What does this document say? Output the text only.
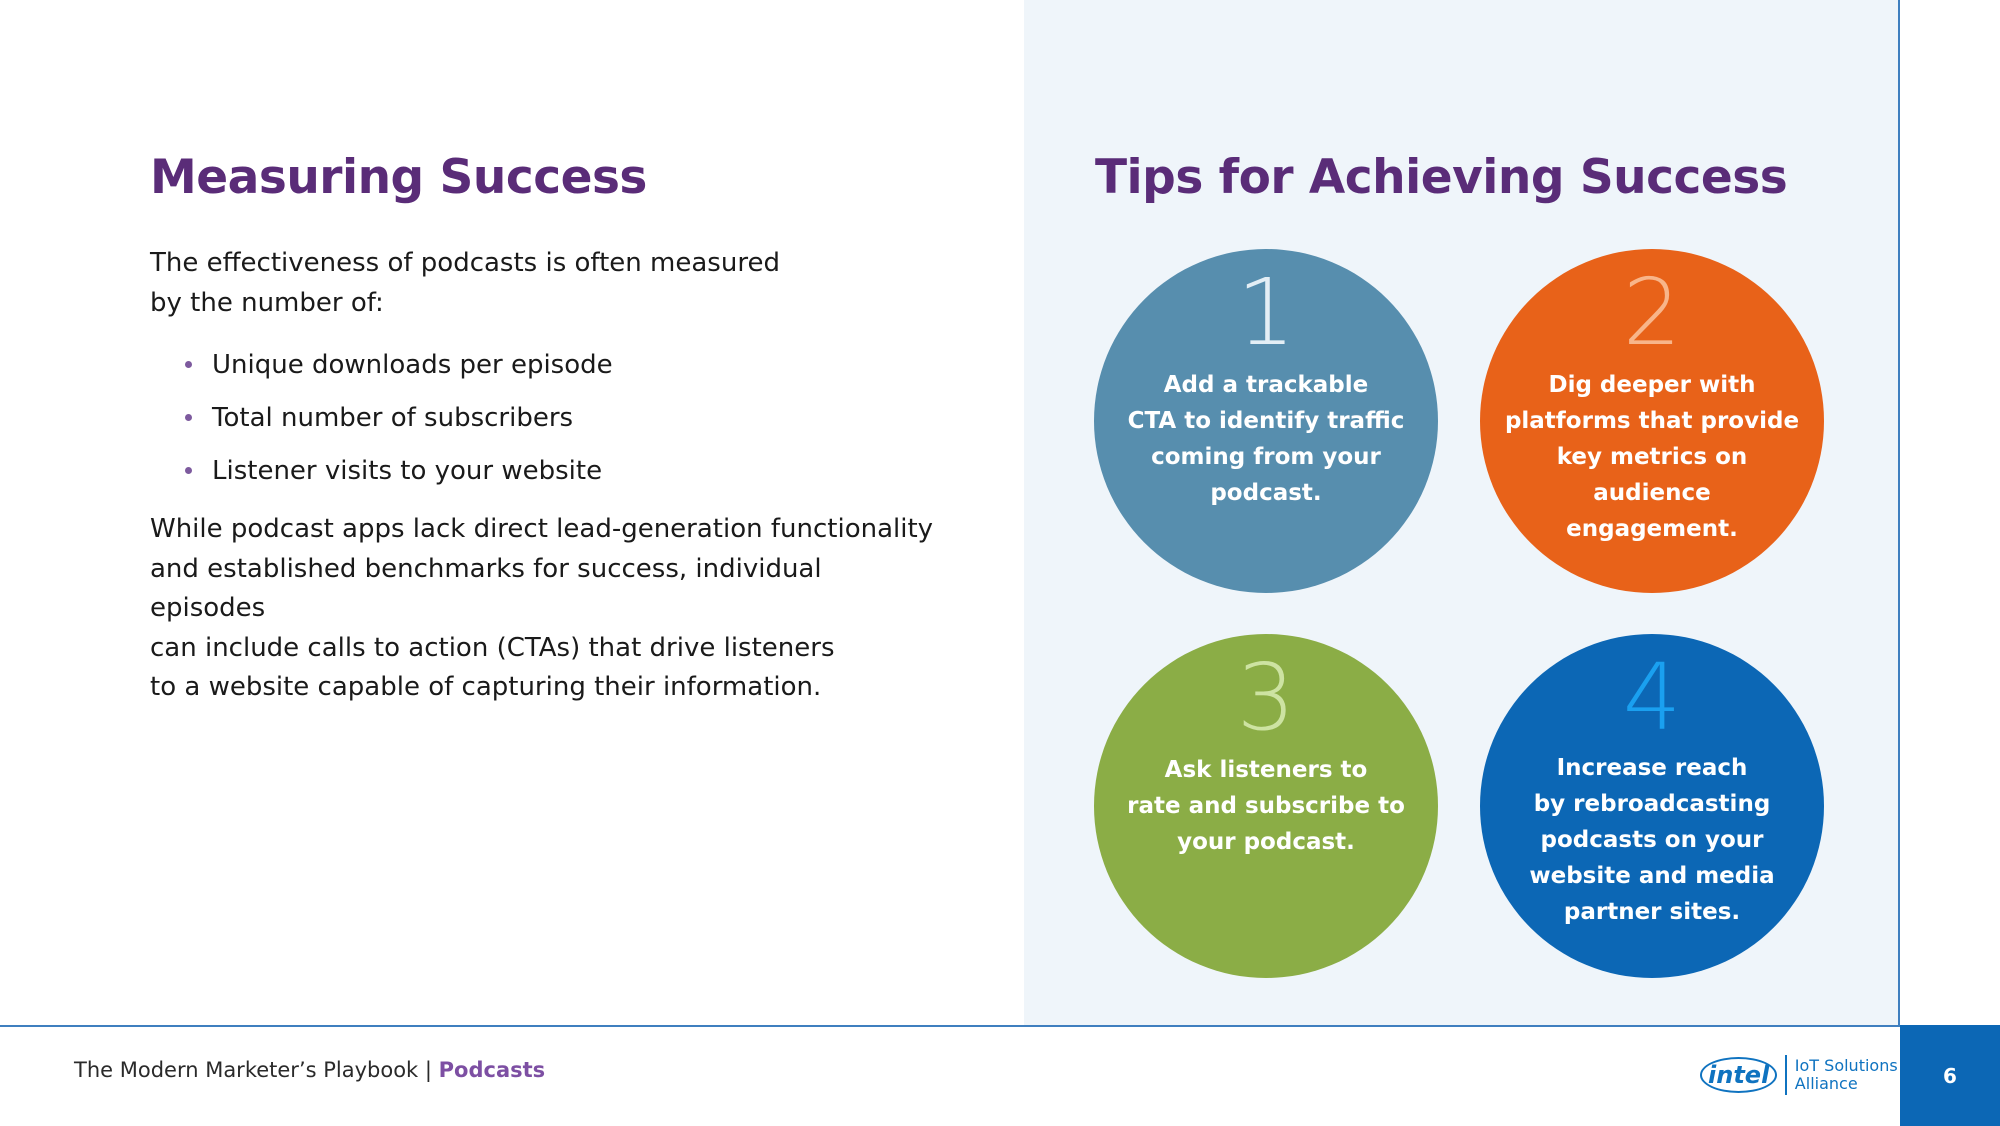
Measuring Success
The effectiveness of podcasts is often measured
by the number of:
Unique downloads per episode
Total number of subscribers
Listener visits to your website
While podcast apps lack direct lead-generation functionality
and established benchmarks for success, individual episodes
can include calls to action (CTAs) that drive listeners
to a website capable of capturing their information.
Tips for Achieving Success
1
Add a trackable
CTA to identify traffic
coming from your
podcast.
2
Dig deeper with
platforms that provide
key metrics on audience
engagement.
3
Ask listeners to
rate and subscribe to
your podcast.
4
Increase reach
by rebroadcasting
podcasts on your
website and media
partner sites.
The Modern Marketer’s Playbook | Podcasts	intel	IoT Solutions
Alliance	6
